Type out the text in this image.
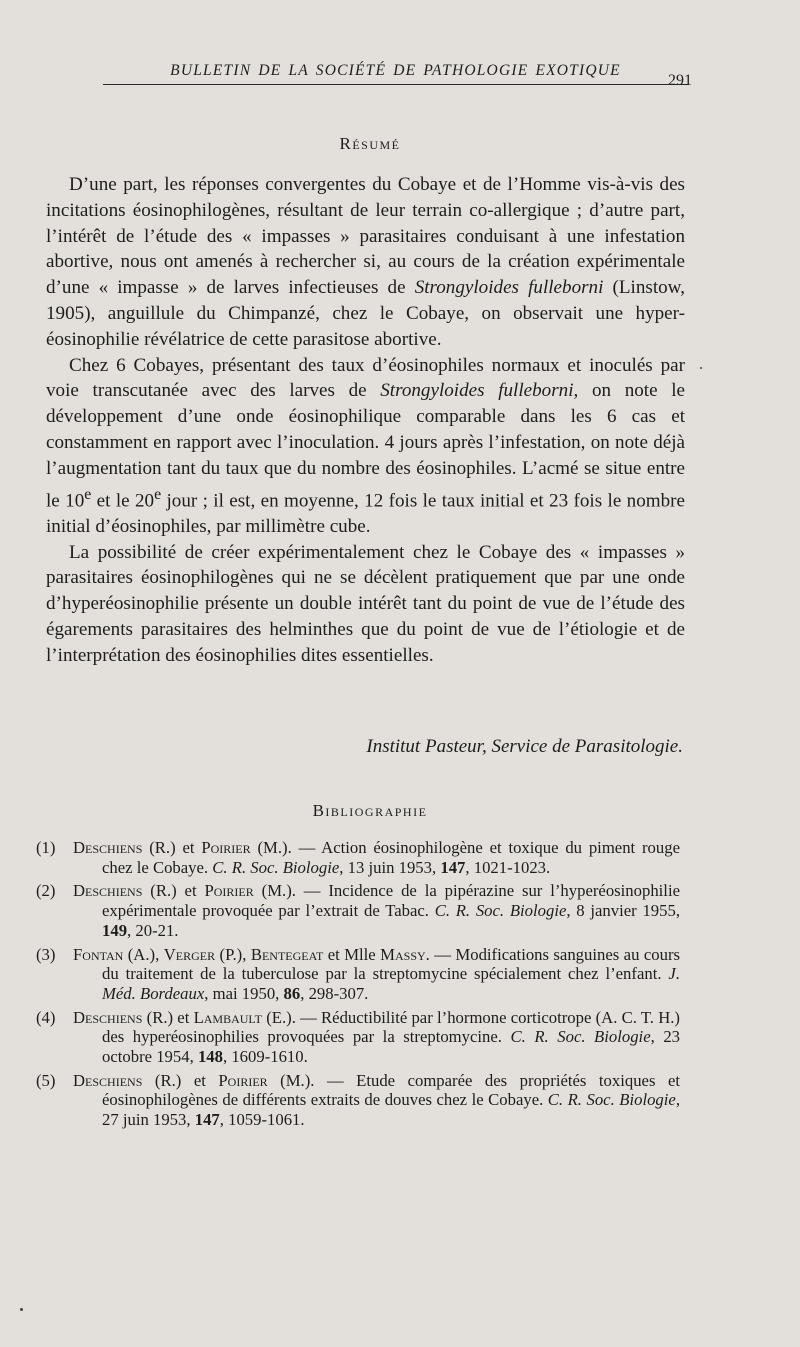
BULLETIN DE LA SOCIÉTÉ DE PATHOLOGIE EXOTIQUE
291
Résumé

D’une part, les réponses convergentes du Cobaye et de l’Homme vis-à-vis des incitations éosinophilogènes, résultant de leur terrain co-allergique ; d’autre part, l’intérêt de l’étude des « impasses » parasitaires conduisant à une infestation abortive, nous ont amenés à rechercher si, au cours de la création expérimentale d’une « impasse » de larves infectieuses de Strongyloides fulleborni (Linstow, 1905), anguillule du Chimpanzé, chez le Cobaye, on observait une hyper-éosinophilie révélatrice de cette parasitose abortive.

Chez 6 Cobayes, présentant des taux d’éosinophiles normaux et inoculés par voie transcutanée avec des larves de Strongyloides fulleborni, on note le développement d’une onde éosinophilique comparable dans les 6 cas et constamment en rapport avec l’inoculation. 4 jours après l’infestation, on note déjà l’augmentation tant du taux que du nombre des éosinophiles. L’acmé se situe entre le 10e et le 20e jour ; il est, en moyenne, 12 fois le taux initial et 23 fois le nombre initial d’éosinophiles, par millimètre cube.

La possibilité de créer expérimentalement chez le Cobaye des « impasses » parasitaires éosinophilogènes qui ne se décèlent pratiquement que par une onde d’hyperéosinophilie présente un double intérêt tant du point de vue de l’étude des égarements parasitaires des helminthes que du point de vue de l’étiologie et de l’interprétation des éosinophilies dites essentielles.

Institut Pasteur, Service de Parasitologie.
Bibliographie
(1) Deschiens (R.) et Poirier (M.). — Action éosinophilogène et toxique du piment rouge chez le Cobaye. C. R. Soc. Biologie, 13 juin 1953, 147, 1021-1023.
(2) Deschiens (R.) et Poirier (M.). — Incidence de la pipérazine sur l’hyperéosinophilie expérimentale provoquée par l’extrait de Tabac. C. R. Soc. Biologie, 8 janvier 1955, 149, 20-21.
(3) Fontan (A.), Verger (P.), Bentegeat et Mlle Massy. — Modifications sanguines au cours du traitement de la tuberculose par la streptomycine spécialement chez l’enfant. J. Méd. Bordeaux, mai 1950, 86, 298-307.
(4) Deschiens (R.) et Lambault (E.). — Réductibilité par l’hormone corticotrope (A. C. T. H.) des hyperéosinophilies provoquées par la streptomycine. C. R. Soc. Biologie, 23 octobre 1954, 148, 1609-1610.
(5) Deschiens (R.) et Poirier (M.). — Etude comparée des propriétés toxiques et éosinophilogènes de différents extraits de douves chez le Cobaye. C. R. Soc. Biologie, 27 juin 1953, 147, 1059-1061.
